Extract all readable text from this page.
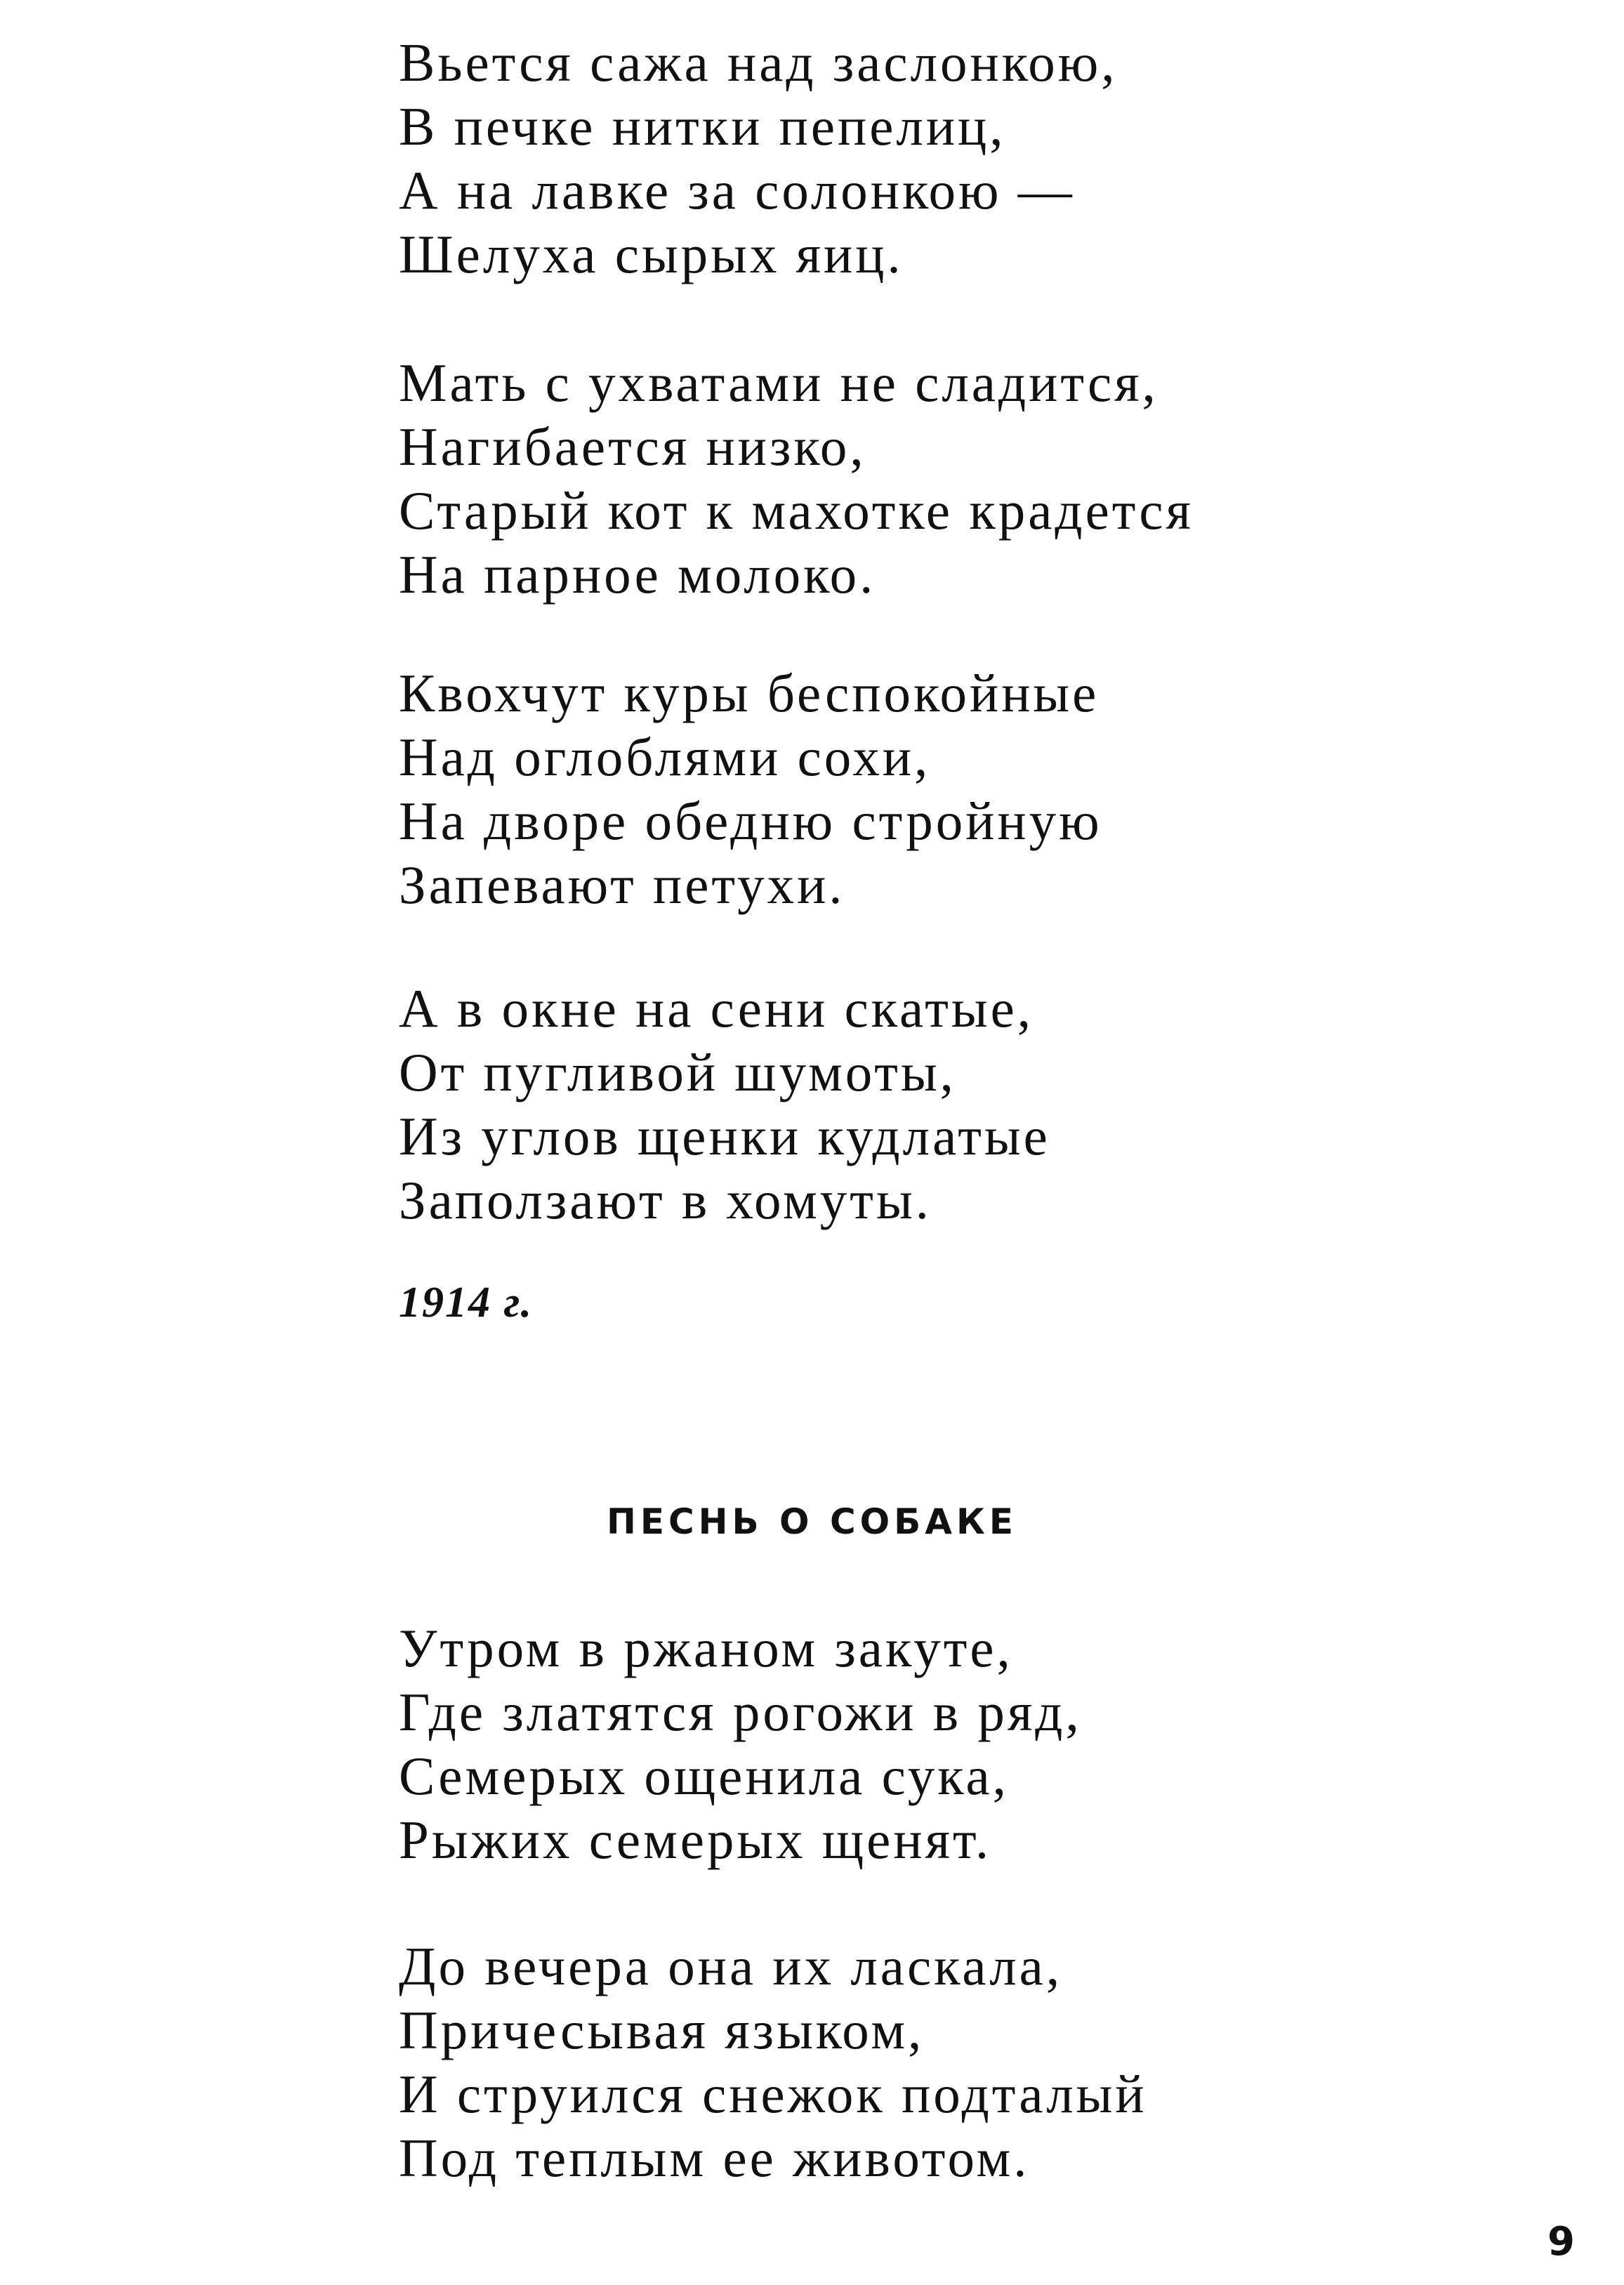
Вьется сажа над заслонкою,
В печке нитки пепелиц,
А на лавке за солонкою —
Шелуха сырых яиц.
Мать с ухватами не сладится,
Нагибается низко,
Старый кот к махотке крадется
На парное молоко.
Квохчут куры беспокойные
Над оглоблями сохи,
На дворе обедню стройную
Запевают петухи.
А в окне на сени скатые,
От пугливой шумоты,
Из углов щенки кудлатые
Заползают в хомуты.
1914 г.
ПЕСНЬ О СОБАКЕ
Утром в ржаном закуте,
Где златятся рогожи в ряд,
Семерых ощенила сука,
Рыжих семерых щенят.
До вечера она их ласкала,
Причесывая языком,
И струился снежок подталый
Под теплым ее животом.
9
